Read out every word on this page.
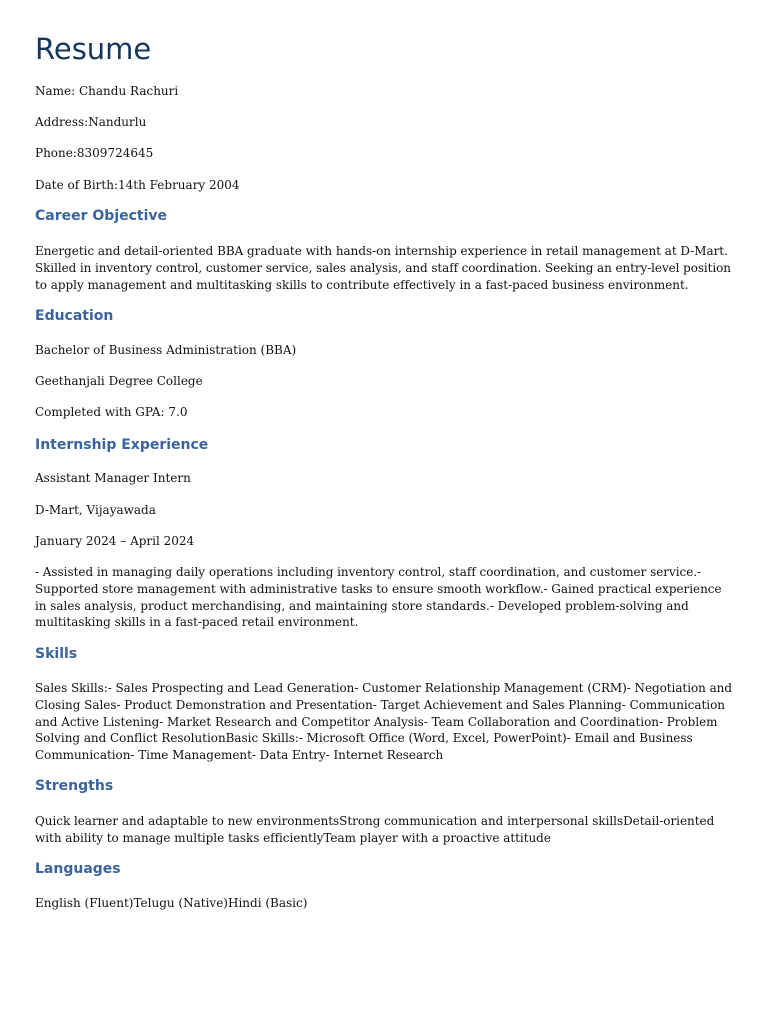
Resume

Name: Chandu Rachuri

Address:Nandurlu

Phone:8309724645

Date of Birth:14th February 2004

Career Objective
Energetic and detail-oriented BBA graduate with hands-on internship experience in retail management at D-Mart.
Skilled in inventory control, customer service, sales analysis, and staff coordination. Seeking an entry-level position
to apply management and multitasking skills to contribute effectively in a fast-paced business environment.
Education

Bachelor of Business Administration (BBA)

Geethanjali Degree College

Completed with GPA: 7.0

Internship Experience

Assistant Manager Intern

D-Mart, Vijayawada

January 2024 – April 2024

- Assisted in managing daily operations including inventory control, staff coordination, and customer service.-
Supported store management with administrative tasks to ensure smooth workflow.- Gained practical experience
in sales analysis, product merchandising, and maintaining store standards.- Developed problem-solving and
multitasking skills in a fast-paced retail environment.
Skills
Sales Skills:- Sales Prospecting and Lead Generation- Customer Relationship Management (CRM)- Negotiation and
Closing Sales- Product Demonstration and Presentation- Target Achievement and Sales Planning- Communication
and Active Listening- Market Research and Competitor Analysis- Team Collaboration and Coordination- Problem
Solving and Conflict ResolutionBasic Skills:- Microsoft Office (Word, Excel, PowerPoint)- Email and Business
Communication- Time Management- Data Entry- Internet Research
Strengths
Quick learner and adaptable to new environmentsStrong communication and interpersonal skillsDetail-oriented
with ability to manage multiple tasks efficientlyTeam player with a proactive attitude
Languages

English (Fluent)Telugu (Native)Hindi (Basic)
